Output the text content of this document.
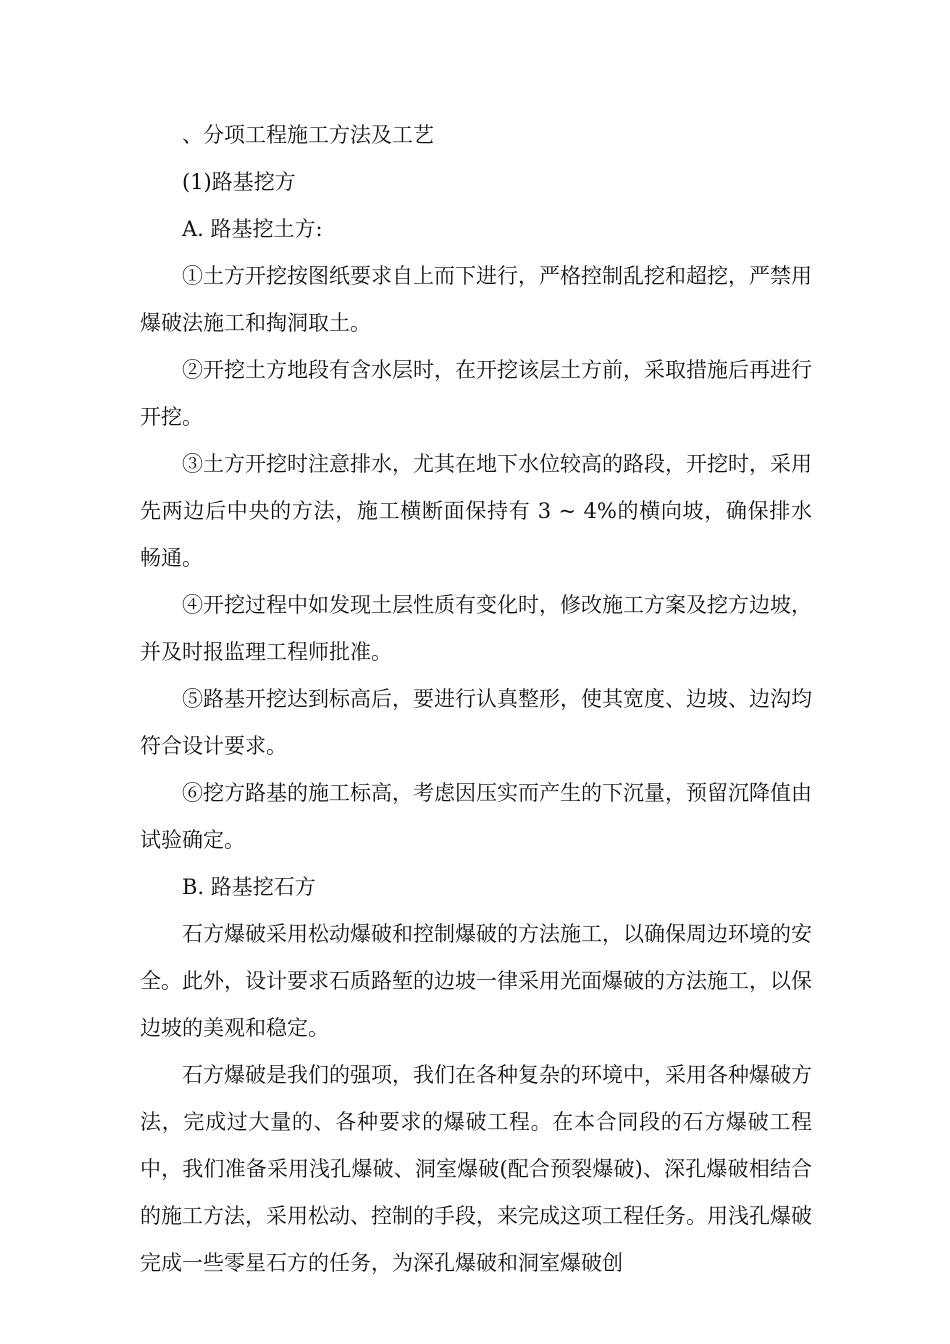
、分项工程施工方法及工艺

(1)路基挖方

A. 路基挖土方:

①土方开挖按图纸要求自上而下进行，严格控制乱挖和超挖，严禁用爆破法施工和掏洞取土。

②开挖土方地段有含水层时，在开挖该层土方前，采取措施后再进行开挖。

③土方开挖时注意排水，尤其在地下水位较高的路段，开挖时，采用先两边后中央的方法，施工横断面保持有 3 ~ 4%的横向坡，确保排水畅通。

④开挖过程中如发现土层性质有变化时，修改施工方案及挖方边坡，并及时报监理工程师批准。

⑤路基开挖达到标高后，要进行认真整形，使其宽度、边坡、边沟均符合设计要求。

⑥挖方路基的施工标高，考虑因压实而产生的下沉量，预留沉降值由试验确定。

B. 路基挖石方

石方爆破采用松动爆破和控制爆破的方法施工，以确保周边环境的安全。此外，设计要求石质路堑的边坡一律采用光面爆破的方法施工，以保边坡的美观和稳定。

石方爆破是我们的强项，我们在各种复杂的环境中，采用各种爆破方法，完成过大量的、各种要求的爆破工程。在本合同段的石方爆破工程中，我们准备采用浅孔爆破、洞室爆破(配合预裂爆破)、深孔爆破相结合的施工方法，采用松动、控制的手段，来完成这项工程任务。用浅孔爆破完成一些零星石方的任务，为深孔爆破和洞室爆破创
